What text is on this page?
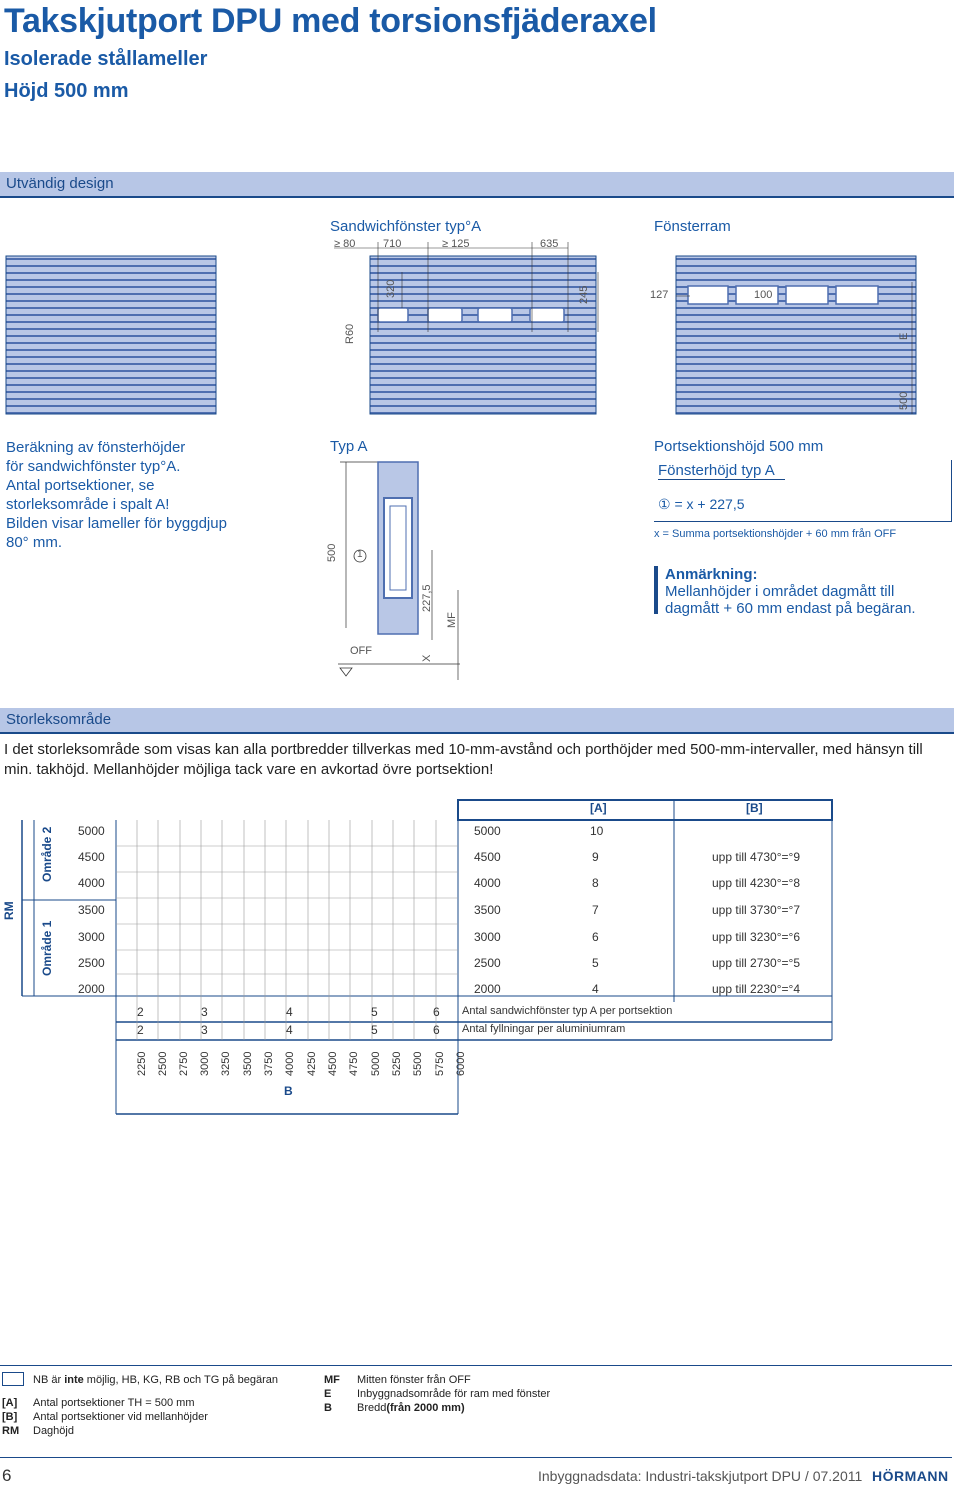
Takskjutport DPU med torsionsfjäderaxel
Isolerade stållameller
Höjd 500 mm
Utvändig design
Sandwichfönster typ°A	Fönsterram
≥ 80	710	≥ 125	635
320	245
R60
127	100
E
500
Beräkning av fönsterhöjder
för sandwichfönster typ°A.
Antal portsektioner, se
storleksområde i spalt A!
Bilden visar lameller för byggdjup
80° mm.
Typ A
500 1
227,5
MF
OFF
X
Portsektionshöjd 500 mm
Fönsterhöjd typ A
① = x + 227,5
x = Summa portsektionshöjder + 60 mm från OFF
Anmärkning:
Mellanhöjder i området dagmått till
dagmått + 60 mm endast på begäran.
Storleksområde
I det storleksområde som visas kan alla portbredder tillverkas med 10-mm-avstånd och porthöjder med 500-mm-intervaller, med hänsyn till
min. takhöjd. Mellanhöjder möjliga tack vare en avkortad övre portsektion!
RM
Område 2
Område 1
[A]	[B]
5000	5000	10
4500	4500	9	upp till 4730°=°9
4000	4000	8	upp till 4230°=°8
3500	3500	7	upp till 3730°=°7
3000	3000	6	upp till 3230°=°6
2500	2500	5	upp till 2730°=°5
2000	2000	4	upp till 2230°=°4
2	3	4	5	6 Antal sandwichfönster typ A per portsektion
2	3	4	5	6 Antal fyllningar per aluminiumram
2250 2500 2750 3000 3250 3500 3750 4000 4250 4500 4750 5000 5250 5500 5750 6000
B
NB är inte möjlig, HB, KG, RB och TG på begäran
[A]	Antal portsektioner TH = 500 mm
[B]	Antal portsektioner vid mellanhöjder
RM	Daghöjd
MF	Mitten fönster från OFF
E	Inbyggnadsområde för ram med fönster
B	Bredd (från 2000 mm)
6	Inbyggnadsdata: Industri-takskjutport DPU / 07.2011 HÖRMANN
